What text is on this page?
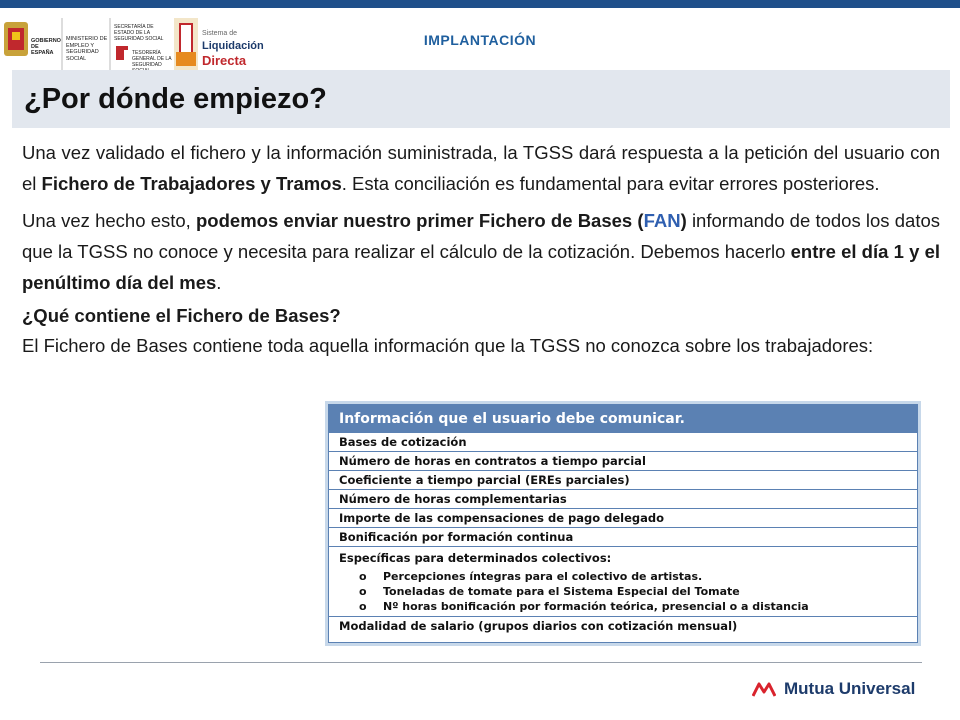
GOBIERNO DE ESPAÑA
MINISTERIO DE EMPLEO Y SEGURIDAD SOCIAL
SECRETARÍA DE ESTADO DE LA SEGURIDAD SOCIAL
TESORERÍA GENERAL DE LA SEGURIDAD
Sistema de
Liquidación
Directa
IMPLANTACIÓN
¿Por dónde empiezo?

Una vez validado el fichero y la información suministrada, la TGSS dará respuesta a la petición del usuario con el Fichero de Trabajadores y Tramos. Esta conciliación es fundamental para evitar errores posteriores.

Una vez hecho esto, podemos enviar nuestro primer Fichero de Bases (FAN) informando de todos los datos que la TGSS no conoce y necesita para realizar el cálculo de la cotización. Debemos hacerlo entre el día 1 y el penúltimo día del mes.

¿Qué contiene el Fichero de Bases?

El Fichero de Bases contiene toda aquella información que la TGSS no conozca sobre los trabajadores:

Información que el usuario debe comunicar.
Bases de cotización
Número de horas en contratos a tiempo parcial
Coeficiente a tiempo parcial (EREs parciales)
Número de horas complementarias
Importe de las compensaciones de pago delegado
Bonificación por formación continua
Específicas para determinados colectivos:
o	Percepciones íntegras para el colectivo de artistas.
o	Toneladas de tomate para el Sistema Especial del Tomate
o	Nº horas bonificación por formación teórica, presencial o a distancia
Modalidad de salario (grupos diarios con cotización mensual)
Mutua Universal
